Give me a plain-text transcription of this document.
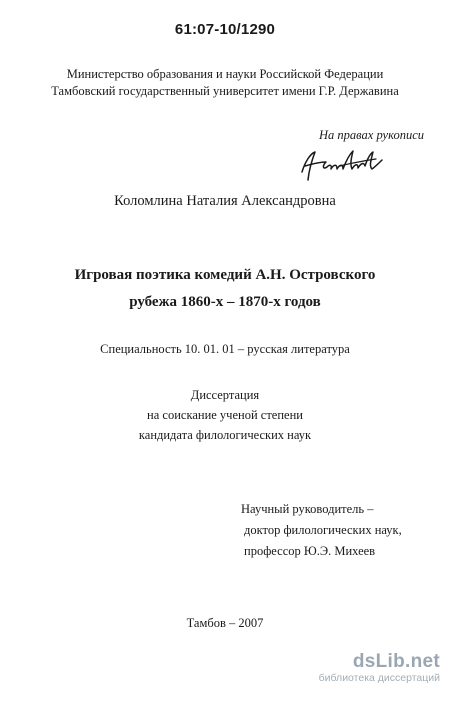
61:07-10/1290
Министерство образования и науки Российской Федерации
Тамбовский государственный университет имени Г.Р. Державина
На правах рукописи
Коломлина Наталия Александровна
Игровая поэтика комедий А.Н. Островского
рубежа 1860-х – 1870-х годов
Специальность 10. 01. 01 – русская литература
Диссертация
на соискание ученой степени
кандидата филологических наук
Научный руководитель –
доктор филологических наук,
профессор Ю.Э. Михеев
Тамбов – 2007
dsLib.net
библиотека диссертаций
